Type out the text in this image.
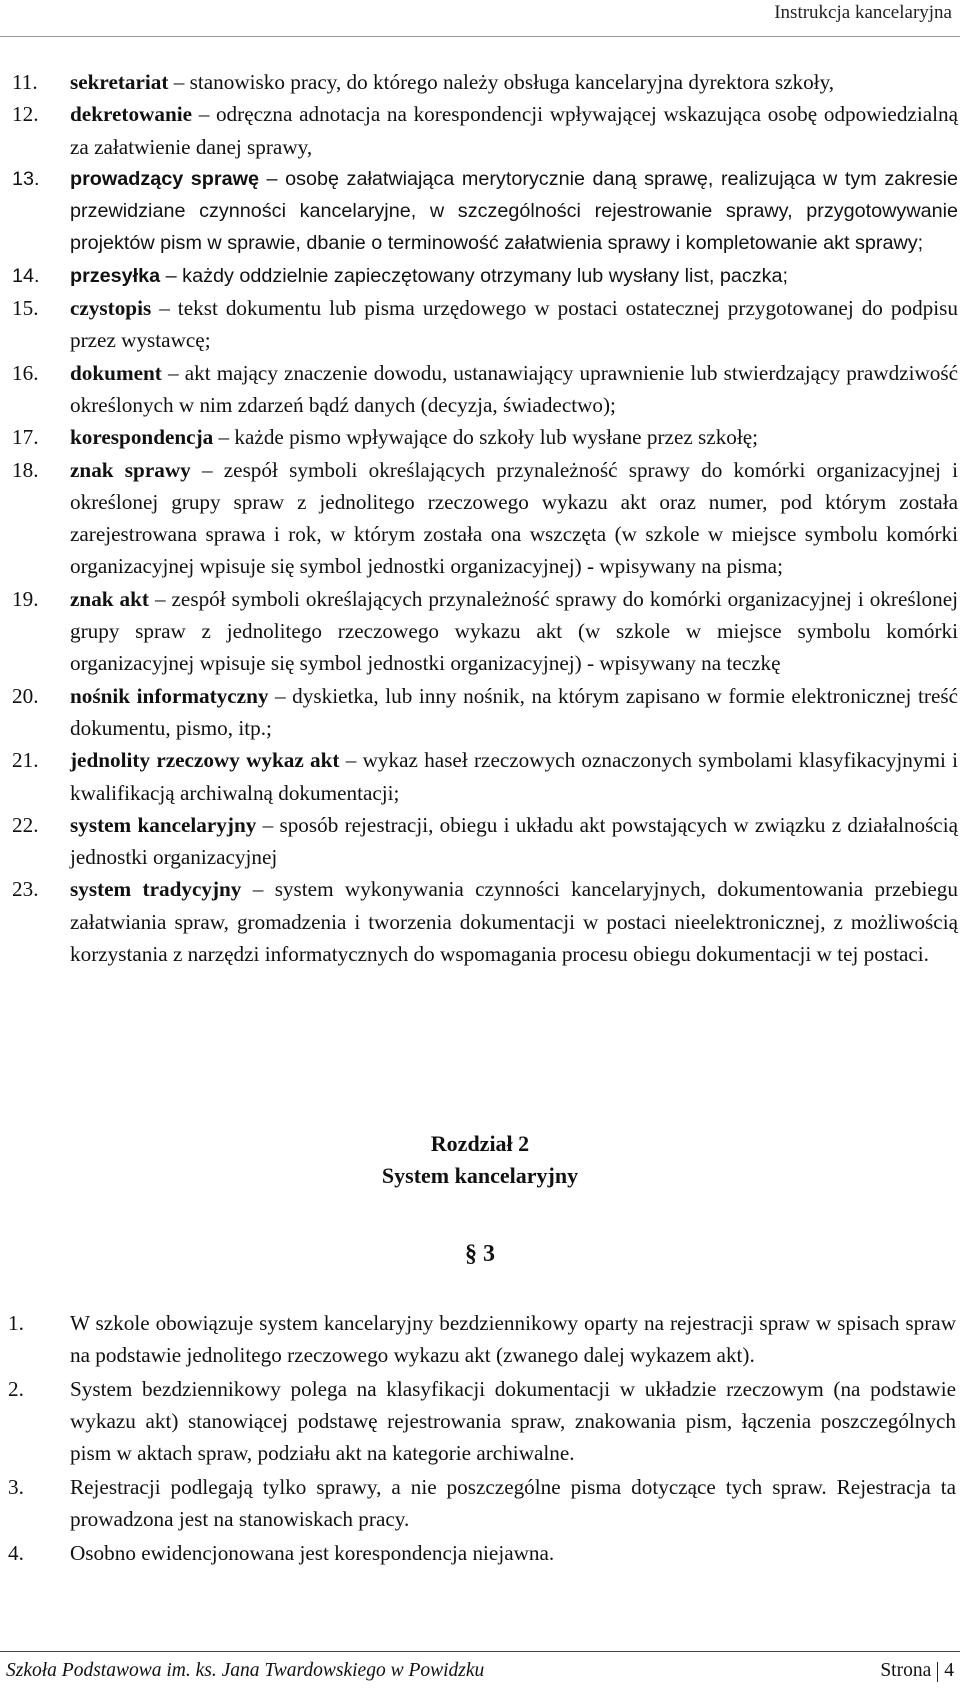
Instrukcja kancelaryjna
11. sekretariat – stanowisko pracy, do którego należy obsługa kancelaryjna dyrektora szkoły,
12. dekretowanie – odręczna adnotacja na korespondencji wpływającej wskazująca osobę odpowiedzialną za załatwienie danej sprawy,
13. prowadzący sprawę – osobę załatwiająca merytorycznie daną sprawę, realizująca w tym zakresie przewidziane czynności kancelaryjne, w szczególności rejestrowanie sprawy, przygotowywanie projektów pism w sprawie, dbanie o terminowość załatwienia sprawy i kompletowanie akt sprawy;
14. przesyłka – każdy oddzielnie zapieczętowany otrzymany lub wysłany list, paczka;
15. czystopis – tekst dokumentu lub pisma urzędowego w postaci ostatecznej przygotowanej do podpisu przez wystawcę;
16. dokument – akt mający znaczenie dowodu, ustanawiający uprawnienie lub stwierdzający prawdziwość określonych w nim zdarzeń bądź danych (decyzja, świadectwo);
17. korespondencja – każde pismo wpływające do szkoły lub wysłane przez szkołę;
18. znak sprawy – zespół symboli określających przynależność sprawy do komórki organizacyjnej i określonej grupy spraw z jednolitego rzeczowego wykazu akt oraz numer, pod którym została zarejestrowana sprawa i rok, w którym została ona wszczęta (w szkole w miejsce symbolu komórki organizacyjnej wpisuje się symbol jednostki organizacyjnej) - wpisywany na pisma;
19. znak akt – zespół symboli określających przynależność sprawy do komórki organizacyjnej i określonej grupy spraw z jednolitego rzeczowego wykazu akt (w szkole w miejsce symbolu komórki organizacyjnej wpisuje się symbol jednostki organizacyjnej) - wpisywany na teczkę
20. nośnik informatyczny – dyskietka, lub inny nośnik, na którym zapisano w formie elektronicznej treść dokumentu, pismo, itp.;
21. jednolity rzeczowy wykaz akt – wykaz haseł rzeczowych oznaczonych symbolami klasyfikacyjnymi i kwalifikacją archiwalną dokumentacji;
22. system kancelaryjny – sposób rejestracji, obiegu i układu akt powstających w związku z działalnością jednostki organizacyjnej
23. system tradycyjny – system wykonywania czynności kancelaryjnych, dokumentowania przebiegu załatwiania spraw, gromadzenia i tworzenia dokumentacji w postaci nieelektronicznej, z możliwością korzystania z narzędzi informatycznych do wspomagania procesu obiegu dokumentacji w tej postaci.
Rozdział 2
System kancelaryjny
§ 3
1. W szkole obowiązuje system kancelaryjny bezdziennikowy oparty na rejestracji spraw w spisach spraw na podstawie jednolitego rzeczowego wykazu akt (zwanego dalej wykazem akt).
2. System bezdziennikowy polega na klasyfikacji dokumentacji w układzie rzeczowym (na podstawie wykazu akt) stanowiącej podstawę rejestrowania spraw, znakowania pism, łączenia poszczególnych pism w aktach spraw, podziału akt na kategorie archiwalne.
3. Rejestracji podlegają tylko sprawy, a nie poszczególne pisma dotyczące tych spraw. Rejestracja ta prowadzona jest na stanowiskach pracy.
4. Osobno ewidencjonowana jest korespondencja niejawna.
Szkoła Podstawowa im. ks. Jana Twardowskiego w Powidzku	Strona 4
